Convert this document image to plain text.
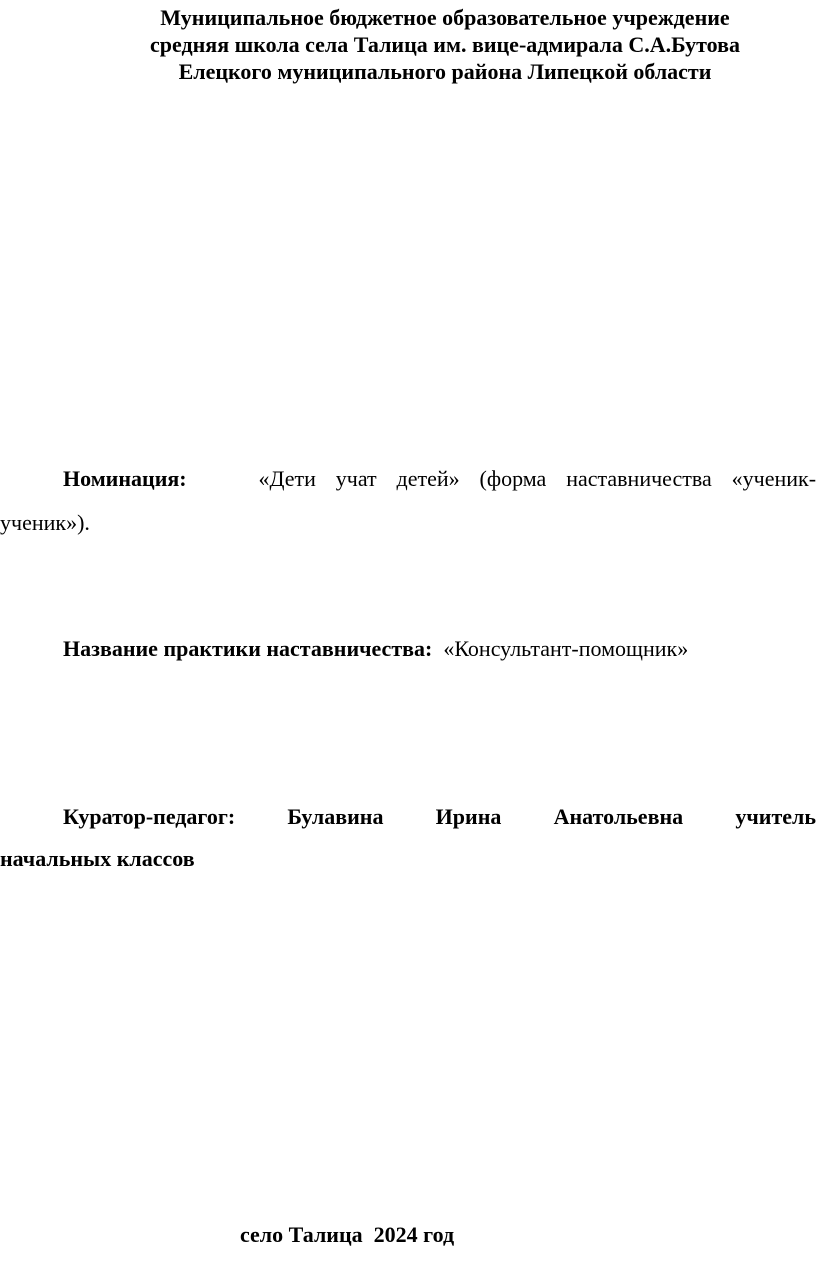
Муниципальное бюджетное образовательное учреждение
средняя школа села Талица им. вице-адмирала С.А.Бутова
Елецкого муниципального района Липецкой области
Номинация:	«Дети учат детей» (форма наставничества «ученик-
ученик»).
Название практики наставничества: «Консультант-помощник»
Куратор-педагог: Булавина Ирина Анатольевна учитель
начальных классов
село Талица  2024 год
